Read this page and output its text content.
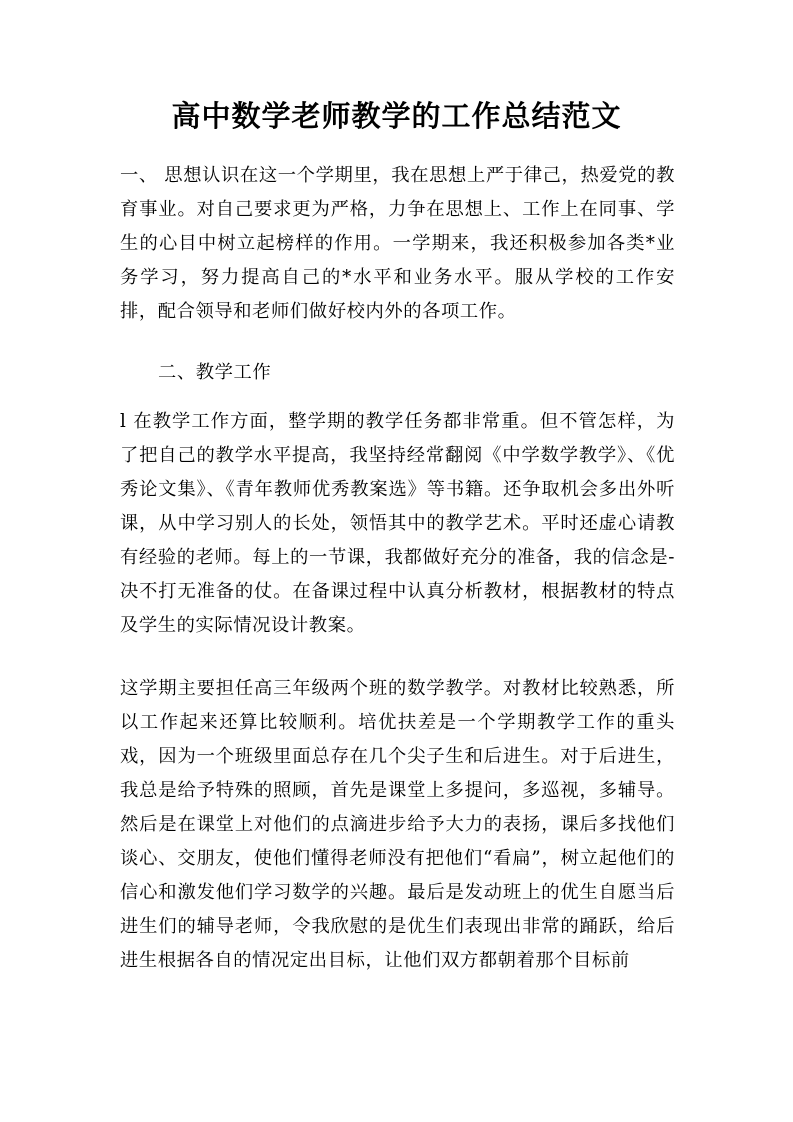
高中数学老师教学的工作总结范文

一、 思想认识在这一个学期里，我在思想上严于律己，热爱党的教育事业。对自己要求更为严格，力争在思想上、工作上在同事、学生的心目中树立起榜样的作用。一学期来，我还积极参加各类*业务学习，努力提高自己的*水平和业务水平。服从学校的工作安排，配合领导和老师们做好校内外的各项工作。

二、教学工作

l 在教学工作方面，整学期的教学任务都非常重。但不管怎样，为了把自己的教学水平提高，我坚持经常翻阅《中学数学教学》、《优秀论文集》、《青年教师优秀教案选》等书籍。还争取机会多出外听课，从中学习别人的长处，领悟其中的教学艺术。平时还虚心请教有经验的老师。每上的一节课，我都做好充分的准备，我的信念是-决不打无准备的仗。在备课过程中认真分析教材，根据教材的特点及学生的实际情况设计教案。

这学期主要担任高三年级两个班的数学教学。对教材比较熟悉，所以工作起来还算比较顺利。培优扶差是一个学期教学工作的重头戏，因为一个班级里面总存在几个尖子生和后进生。对于后进生，我总是给予特殊的照顾，首先是课堂上多提问，多巡视，多辅导。然后是在课堂上对他们的点滴进步给予大力的表扬，课后多找他们谈心、交朋友，使他们懂得老师没有把他们“看扁”，树立起他们的信心和激发他们学习数学的兴趣。最后是发动班上的优生自愿当后进生们的辅导老师，令我欣慰的是优生们表现出非常的踊跃，给后进生根据各自的情况定出目标，让他们双方都朝着那个目标前
